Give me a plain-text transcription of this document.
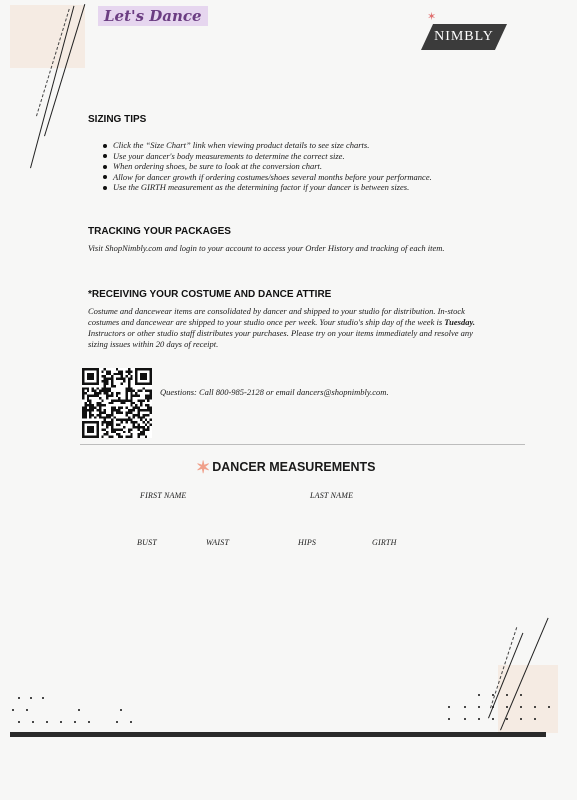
Let's Dance
NIMBLY
✶
SIZING TIPS
Click the “Size Chart” link when viewing product details to see size charts.
Use your dancer's body measurements to determine the correct size.
When ordering shoes, be sure to look at the conversion chart.
Allow for dancer growth if ordering costumes/shoes several months before your performance.
Use the GIRTH measurement as the determining factor if your dancer is between sizes.
TRACKING YOUR PACKAGES

Visit ShopNimbly.com and login to your account to access your Order History and tracking of each item.

*RECEIVING YOUR COSTUME AND DANCE ATTIRE

Costume and dancewear items are consolidated by dancer and shipped to your studio for distribution. In-stock costumes and dancewear are shipped to your studio once per week. Your studio's ship day of the week is Tuesday. Instructors or other studio staff distributes your purchases. Please try on your items immediately and resolve any sizing issues within 20 days of receipt.

Questions: Call 800-985-2128 or email dancers@shopnimbly.com.
✶ DANCER MEASUREMENTS
FIRST NAME	LAST NAME
BUST	WAIST	HIPS	GIRTH
